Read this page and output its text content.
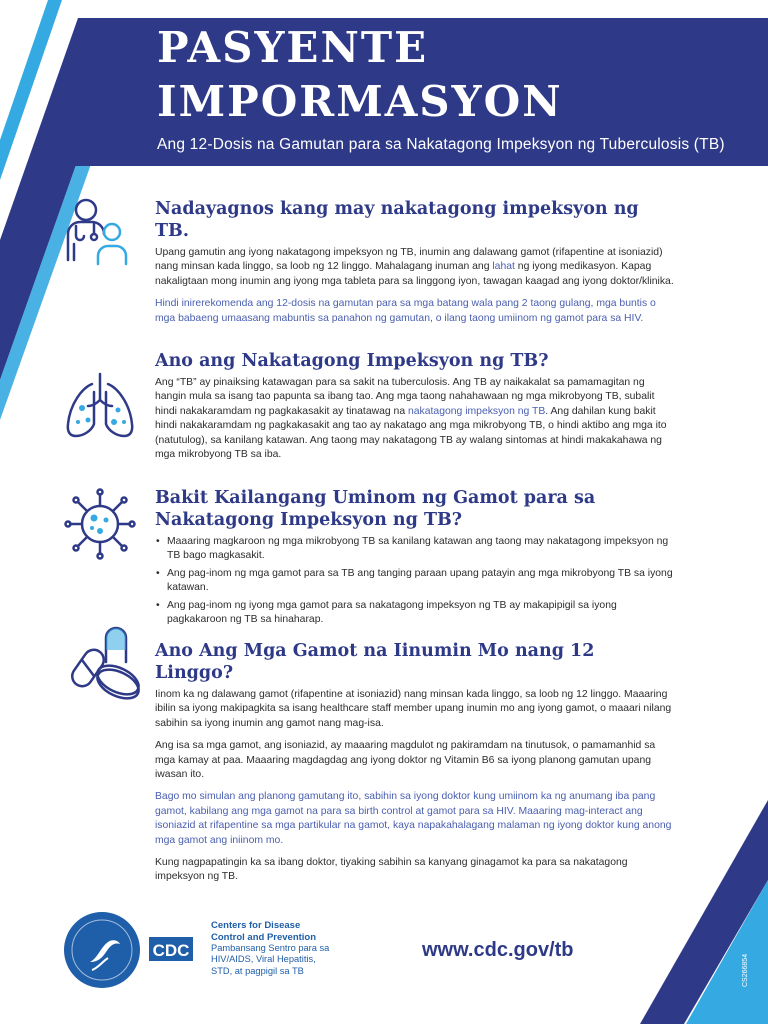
PASYENTE
IMPORMASYON
Ang 12-Dosis na Gamutan para sa Nakatagong Impeksyon ng Tuberculosis (TB)
Nadayagnos kang may nakatagong impeksyon ng TB.

Upang gamutin ang iyong nakatagong impeksyon ng TB, inumin ang dalawang gamot (rifapentine at isoniazid) nang minsan kada linggo, sa loob ng 12 linggo. Mahalagang inuman ang lahat ng iyong medikasyon. Kapag nakaligtaan mong inumin ang iyong mga tableta para sa linggong iyon, tawagan kaagad ang iyong doktor/klinika.

Hindi inirerekomenda ang 12-dosis na gamutan para sa mga batang wala pang 2 taong gulang, mga buntis o mga babaeng umaasang mabuntis sa panahon ng gamutan, o ilang taong umiinom ng gamot para sa HIV.

Ano ang Nakatagong Impeksyon ng TB?

Ang “TB” ay pinaiksing katawagan para sa sakit na tuberculosis. Ang TB ay naikakalat sa pamamagitan ng hangin mula sa isang tao papunta sa ibang tao. Ang mga taong nahahawaan ng mga mikrobyong TB, subalit hindi nakakaramdam ng pagkakasakit ay tinatawag na nakatagong impeksyon ng TB. Ang dahilan kung bakit hindi nakakaramdam ng pagkakasakit ang tao ay nakatago ang mga mikrobyong TB, o hindi aktibo ang mga ito (natutulog), sa kanilang katawan. Ang taong may nakatagong TB ay walang sintomas at hindi makakahawa ng mga mikrobyong TB sa iba.

Bakit Kailangang Uminom ng Gamot para sa Nakatagong Impeksyon ng TB?
• Maaaring magkaroon ng mga mikrobyong TB sa kanilang katawan ang taong may nakatagong impeksyon ng TB bago magkasakit.
• Ang pag-inom ng mga gamot para sa TB ang tanging paraan upang patayin ang mga mikrobyong TB sa iyong katawan.
• Ang pag-inom ng iyong mga gamot para sa nakatagong impeksyon ng TB ay makapipigil sa iyong pagkakaroon ng TB sa hinaharap.
Ano Ang Mga Gamot na Iinumin Mo nang 12 Linggo?

Iinom ka ng dalawang gamot (rifapentine at isoniazid) nang minsan kada linggo, sa loob ng 12 linggo. Maaaring ibilin sa iyong makipagkita sa isang healthcare staff member upang inumin mo ang iyong gamot, o maaari nilang sabihin sa iyong inumin ang gamot nang mag-isa.

Ang isa sa mga gamot, ang isoniazid, ay maaaring magdulot ng pakiramdam na tinutusok, o pamamanhid sa mga kamay at paa. Maaaring magdagdag ang iyong doktor ng Vitamin B6 sa iyong planong gamutan upang iwasan ito.

Bago mo simulan ang planong gamutang ito, sabihin sa iyong doktor kung umiinom ka ng anumang iba pang gamot, kabilang ang mga gamot na para sa birth control at gamot para sa HIV. Maaaring mag-interact ang isoniazid at rifapentine sa mga partikular na gamot, kaya napakahalagang malaman ng iyong doktor kung anong mga gamot ang iniinom mo.

Kung nagpapatingin ka sa ibang doktor, tiyaking sabihin sa kanyang ginagamot ka para sa nakatagong impeksyon ng TB.

CDC
Centers for Disease
Control and Prevention
Pambansang Sentro para sa
HIV/AIDS, Viral Hepatitis,
STD, at pagpigil sa TB
www.cdc.gov/tb
CS266854
